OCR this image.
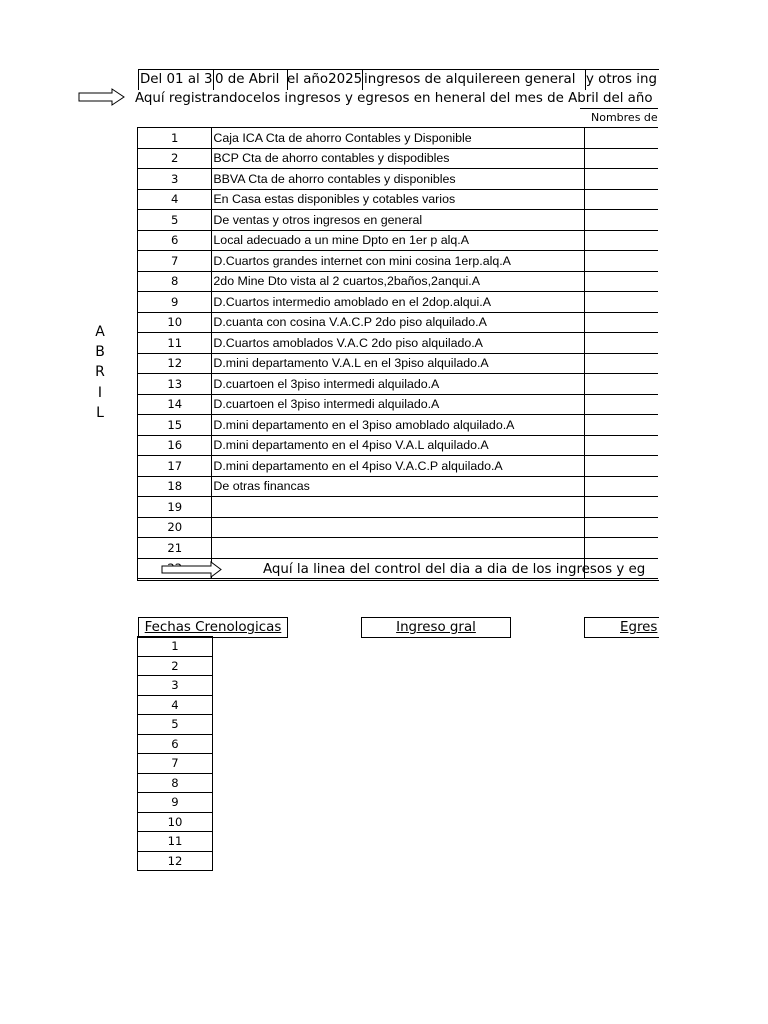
Del 01 al 3 0 de Abril el año2025 ingresos de alquilereen general y otros ing
Aquí registrandocelos ingresos y egresos en heneral del mes de Abril del año
Nombres de
1	Caja ICA Cta de ahorro Contables y Disponible	
2	BCP Cta de ahorro contables y dispodibles	
3	BBVA Cta de ahorro contables y disponibles	
4	En Casa estas disponibles y cotables varios	
5	De ventas y otros ingresos en general	
6	Local adecuado a un mine Dpto en 1er p alq.A	
7	D.Cuartos grandes internet con mini cosina 1erp.alq.A	
8	2do Mine Dto vista al 2 cuartos,2baños,2anqui.A	
9	D.Cuartos intermedio amoblado en el 2dop.alqui.A	
10	D.cuanta con cosina V.A.C.P 2do piso alquilado.A	
11	D.Cuartos amoblados V.A.C 2do piso alquilado.A	
12	D.mini departamento V.A.L en el 3piso alquilado.A	
13	D.cuartoen el 3piso intermedi alquilado.A	
14	D.cuartoen el 3piso intermedi alquilado.A	
15	D.mini departamento en el 3piso amoblado alquilado.A	
16	D.mini departamento en el 4piso V.A.L alquilado.A	
17	D.mini departamento en el 4piso V.A.C.P alquilado.A	
18	De otras financas	
19		
20		
21		

A
B
R
I
L
Aquí la linea del control del dia a dia de los ingresos y eg
Fechas Crenologicas	Ingreso gral	Egres
1
2
3
4
5
6
7
8
9
10
11
12
